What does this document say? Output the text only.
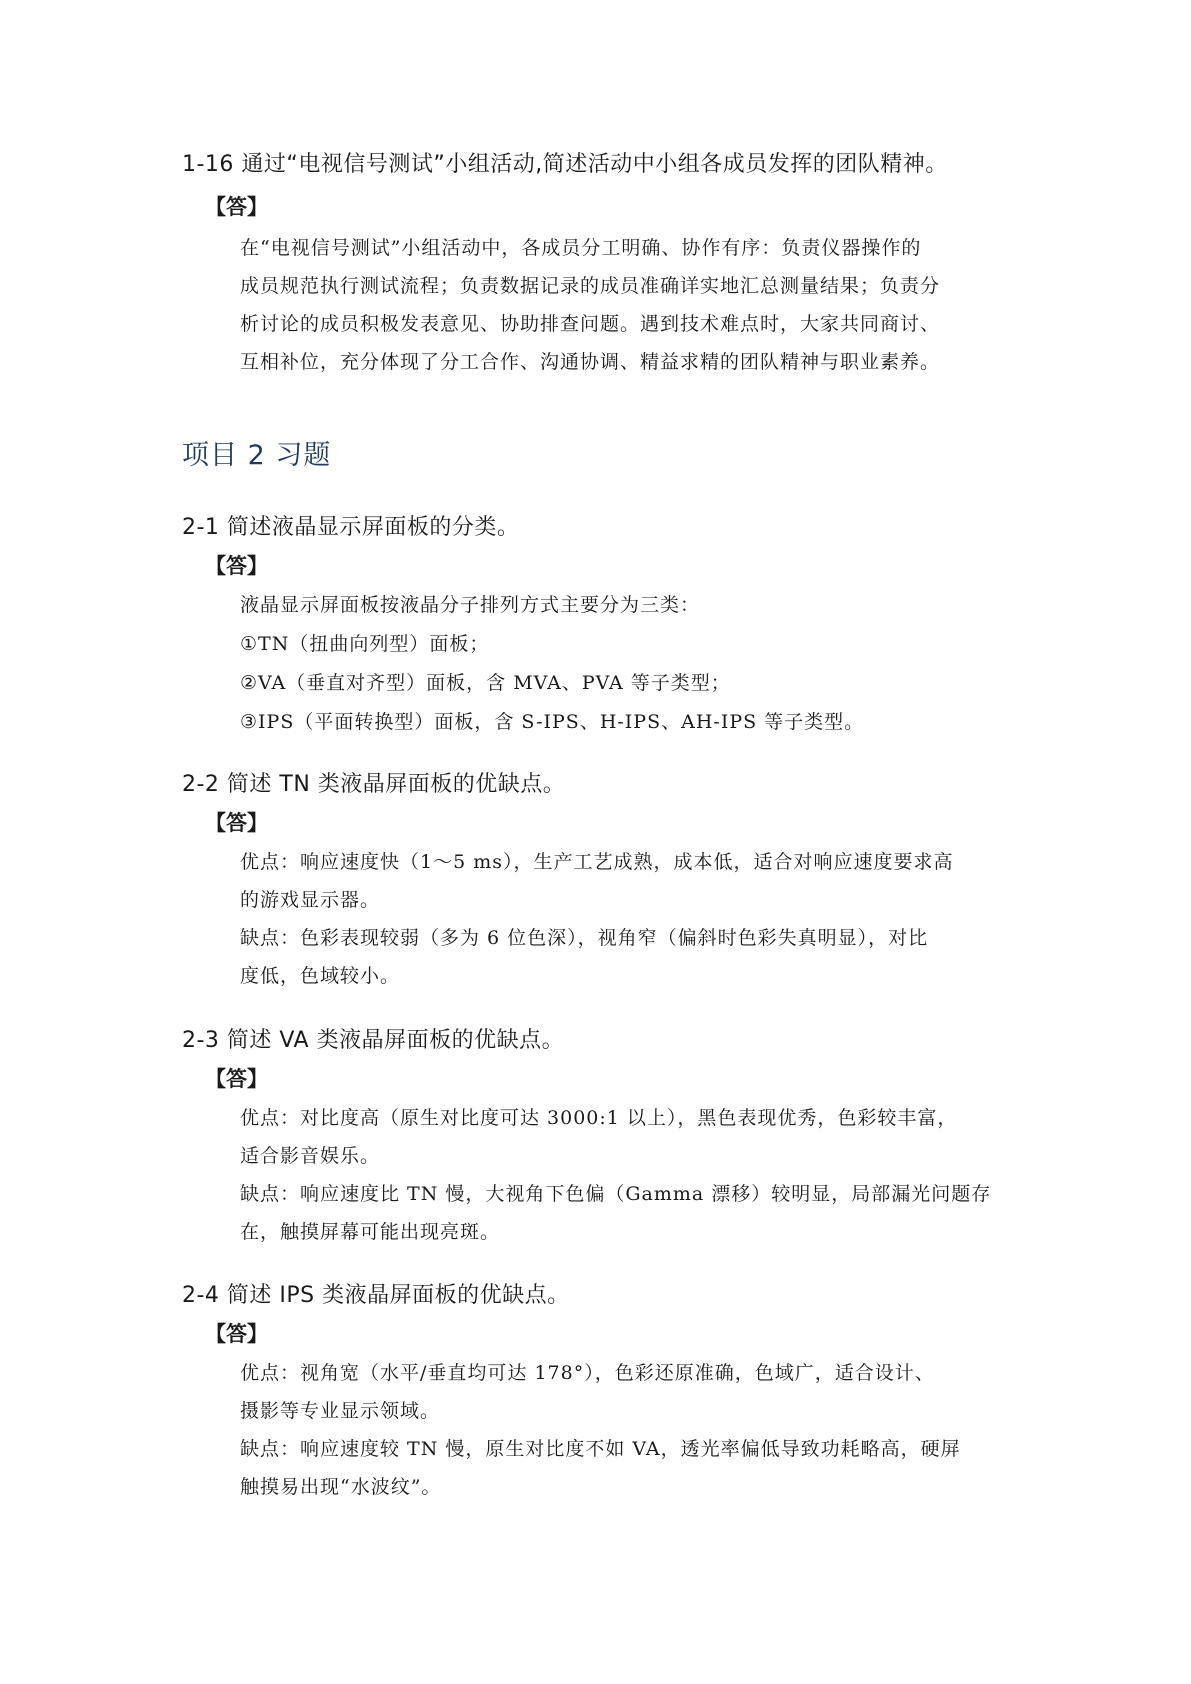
1-16 通过“电视信号测试”小组活动,简述活动中小组各成员发挥的团队精神。

【答】

在“电视信号测试”小组活动中，各成员分工明确、协作有序：负责仪器操作的

成员规范执行测试流程；负责数据记录的成员准确详实地汇总测量结果；负责分

析讨论的成员积极发表意见、协助排查问题。遇到技术难点时，大家共同商讨、

互相补位，充分体现了分工合作、沟通协调、精益求精的团队精神与职业素养。

项目 2 习题

2-1 简述液晶显示屏面板的分类。

【答】

液晶显示屏面板按液晶分子排列方式主要分为三类：

①TN（扭曲向列型）面板；

②VA（垂直对齐型）面板，含 MVA、PVA 等子类型；

③IPS（平面转换型）面板，含 S-IPS、H-IPS、AH-IPS 等子类型。

2-2 简述 TN 类液晶屏面板的优缺点。

【答】

优点：响应速度快（1～5 ms），生产工艺成熟，成本低，适合对响应速度要求高

的游戏显示器。

缺点：色彩表现较弱（多为 6 位色深），视角窄（偏斜时色彩失真明显），对比

度低，色域较小。

2-3 简述 VA 类液晶屏面板的优缺点。

【答】

优点：对比度高（原生对比度可达 3000:1 以上），黑色表现优秀，色彩较丰富，

适合影音娱乐。

缺点：响应速度比 TN 慢，大视角下色偏（Gamma 漂移）较明显，局部漏光问题存

在，触摸屏幕可能出现亮斑。

2-4 简述 IPS 类液晶屏面板的优缺点。

【答】

优点：视角宽（水平/垂直均可达 178°），色彩还原准确，色域广，适合设计、

摄影等专业显示领域。

缺点：响应速度较 TN 慢，原生对比度不如 VA，透光率偏低导致功耗略高，硬屏

触摸易出现“水波纹”。
